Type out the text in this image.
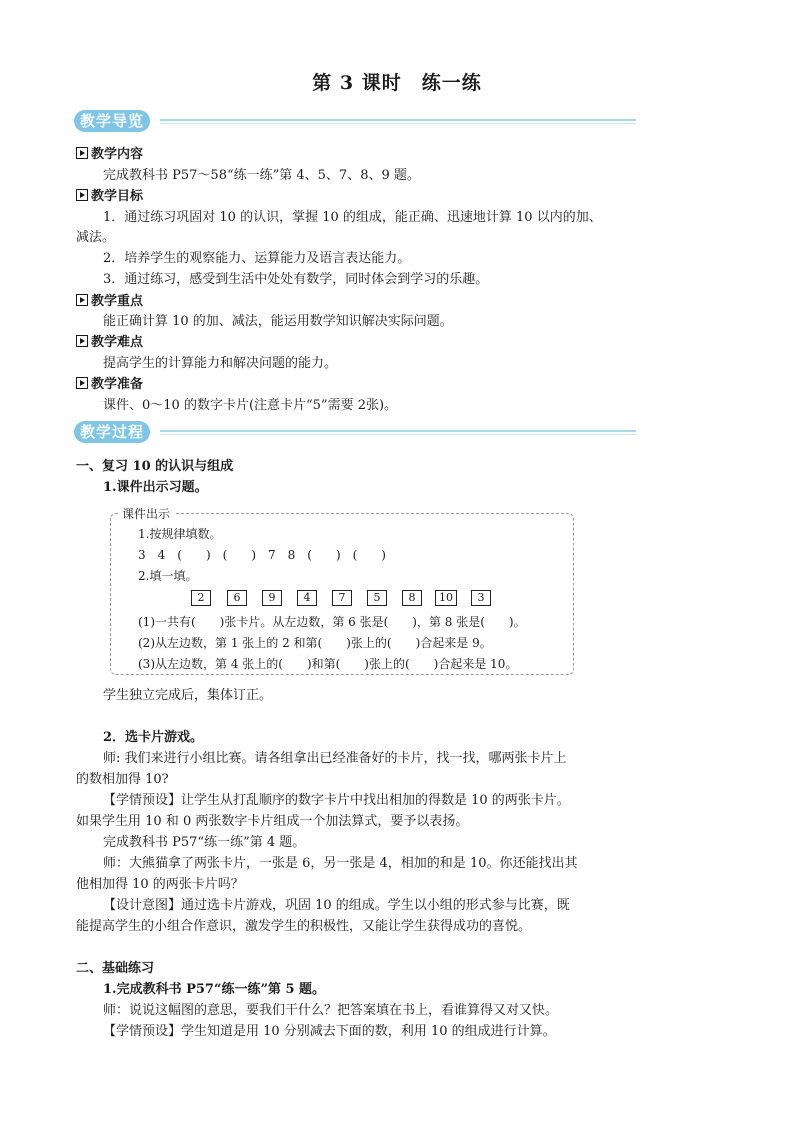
第 3 课时　练一练
教学导览
教学内容
完成教科书 P57～58“练一练”第 4、5、7、8、9 题。
教学目标
1．通过练习巩固对 10 的认识，掌握 10 的组成，能正确、迅速地计算 10 以内的加、
减法。
2．培养学生的观察能力、运算能力及语言表达能力。
3．通过练习，感受到生活中处处有数学，同时体会到学习的乐趣。
教学重点
能正确计算 10 的加、减法，能运用数学知识解决实际问题。
教学难点
提高学生的计算能力和解决问题的能力。
教学准备
课件、0～10 的数字卡片(注意卡片“5”需要 2张)。
教学过程
一、复习 10 的认识与组成
1.课件出示习题。
课件出示
1.按规律填数。
3　4　(　　)　(　　)　7　8　(　　)　(　　)
2.填一填。
2	6	9	4	7	5	8	10	3
(1)一共有(　　)张卡片。从左边数，第 6 张是(　　)，第 8 张是(　　)。
(2)从左边数，第 1 张上的 2 和第(　　)张上的(　　)合起来是 9。
(3)从左边数，第 4 张上的(　　)和第(　　)张上的(　　)合起来是 10。
学生独立完成后，集体订正。
2．选卡片游戏。
师: 我们来进行小组比赛。请各组拿出已经准备好的卡片，找一找，哪两张卡片上
的数相加得 10?
【学情预设】让学生从打乱顺序的数字卡片中找出相加的得数是 10 的两张卡片。
如果学生用 10 和 0 两张数字卡片组成一个加法算式，要予以表扬。
完成教科书 P57“练一练”第 4 题。
师：大熊猫拿了两张卡片，一张是 6，另一张是 4，相加的和是 10。你还能找出其
他相加得 10 的两张卡片吗？
【设计意图】通过选卡片游戏，巩固 10 的组成。学生以小组的形式参与比赛，既
能提高学生的小组合作意识，激发学生的积极性，又能让学生获得成功的喜悦。
二、基础练习
1.完成教科书 P57“练一练”第 5 题。
师：说说这幅图的意思，要我们干什么？把答案填在书上，看谁算得又对又快。
【学情预设】学生知道是用 10 分别减去下面的数，利用 10 的组成进行计算。
